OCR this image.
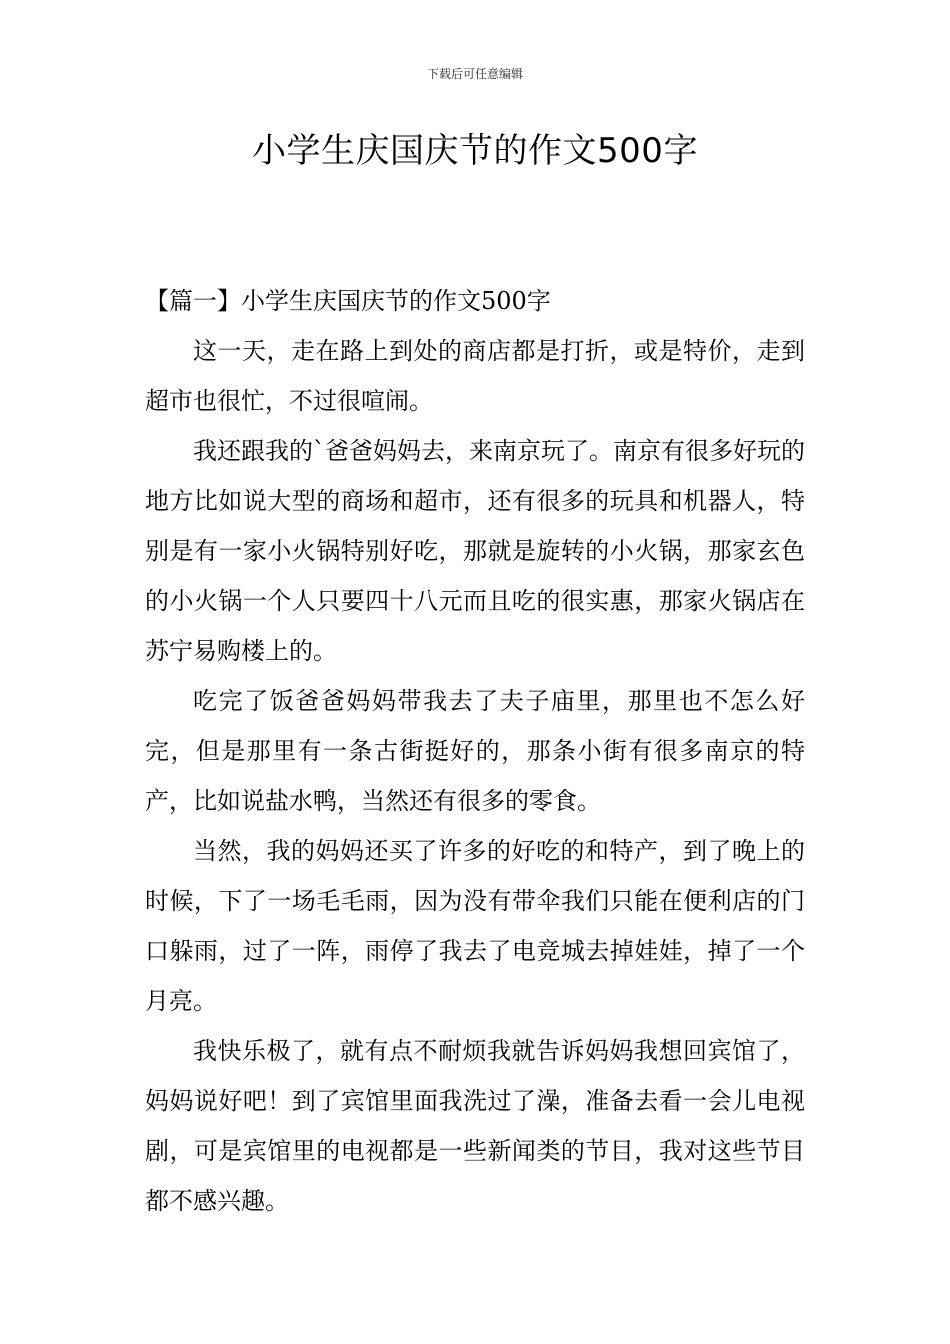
下载后可任意编辑
小学生庆国庆节的作文500字
【篇一】小学生庆国庆节的作文500字

这一天，走在路上到处的商店都是打折，或是特价，走到超市也很忙，不过很喧闹。

我还跟我的`爸爸妈妈去，来南京玩了。南京有很多好玩的地方比如说大型的商场和超市，还有很多的玩具和机器人，特别是有一家小火锅特别好吃，那就是旋转的小火锅，那家玄色的小火锅一个人只要四十八元而且吃的很实惠，那家火锅店在苏宁易购楼上的。

吃完了饭爸爸妈妈带我去了夫子庙里，那里也不怎么好完，但是那里有一条古街挺好的，那条小街有很多南京的特产，比如说盐水鸭，当然还有很多的零食。

当然，我的妈妈还买了许多的好吃的和特产，到了晚上的时候，下了一场毛毛雨，因为没有带伞我们只能在便利店的门口躲雨，过了一阵，雨停了我去了电竞城去掉娃娃，掉了一个月亮。

我快乐极了，就有点不耐烦我就告诉妈妈我想回宾馆了，妈妈说好吧！到了宾馆里面我洗过了澡，准备去看一会儿电视剧，可是宾馆里的电视都是一些新闻类的节目，我对这些节目都不感兴趣。
